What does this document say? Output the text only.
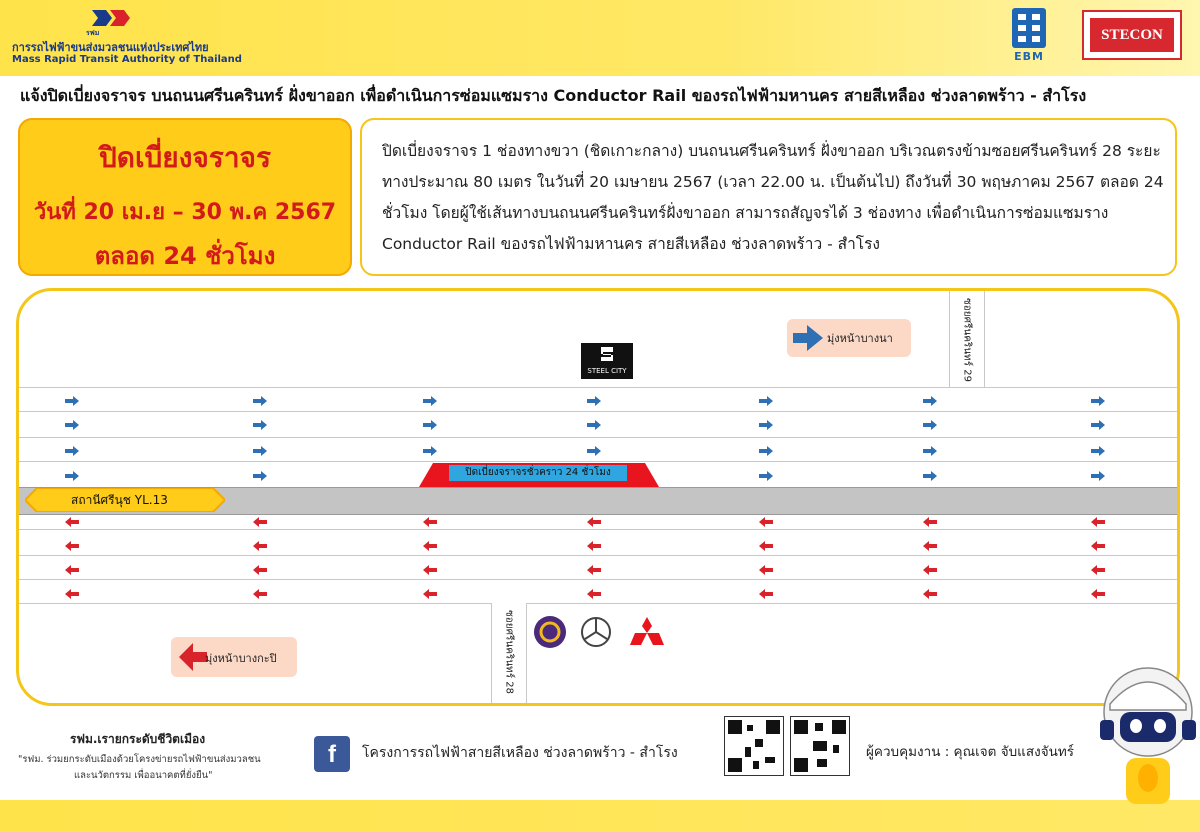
รฟม
การรถไฟฟ้าขนส่งมวลชนแห่งประเทศไทย
Mass Rapid Transit Authority of Thailand	EBM
STECON
แจ้งปิดเบี่ยงจราจร บนถนนศรีนครินทร์ ฝั่งขาออก เพื่อดำเนินการซ่อมแซมราง Conductor Rail ของรถไฟฟ้ามหานคร สายสีเหลือง ช่วงลาดพร้าว - สำโรง
ปิดเบี่ยงจราจร
วันที่ 20 เม.ย – 30 พ.ค 2567
ตลอด 24 ชั่วโมง
ปิดเบี่ยงจราจร 1 ช่องทางขวา (ชิดเกาะกลาง) บนถนนศรีนครินทร์ ฝั่งขาออก บริเวณตรงข้ามซอยศรีนครินทร์ 28 ระยะทางประมาณ 80 เมตร ในวันที่ 20 เมษายน 2567 (เวลา 22.00 น. เป็นต้นไป) ถึงวันที่ 30 พฤษภาคม 2567 ตลอด 24 ชั่วโมง โดยผู้ใช้เส้นทางบนถนนศรีนครินทร์ฝั่งขาออก สามารถสัญจรได้ 3 ช่องทาง เพื่อดำเนินการซ่อมแซมราง Conductor Rail ของรถไฟฟ้ามหานคร สายสีเหลือง ช่วงลาดพร้าว - สำโรง
ซอยศรีนครินทร์ 29
ซอยศรีนครินทร์ 28
STEEL CITY
มุ่งหน้าบางนา
มุ่งหน้าบางกะปิ
ปิดเบี่ยงจราจรชั่วคราว 24 ชั่วโมง
สถานีศรีนุช YL.13
รฟม.เรายกระดับชีวิตเมือง
"รฟม. ร่วมยกระดับเมืองด้วยโครงข่ายรถไฟฟ้าขนส่งมวลชน
และนวัตกรรม เพื่ออนาคตที่ยั่งยืน"
f	โครงการรถไฟฟ้าสายสีเหลือง ช่วงลาดพร้าว - สำโรง	ผู้ควบคุมงาน : คุณเจต จับแสงจันทร์
